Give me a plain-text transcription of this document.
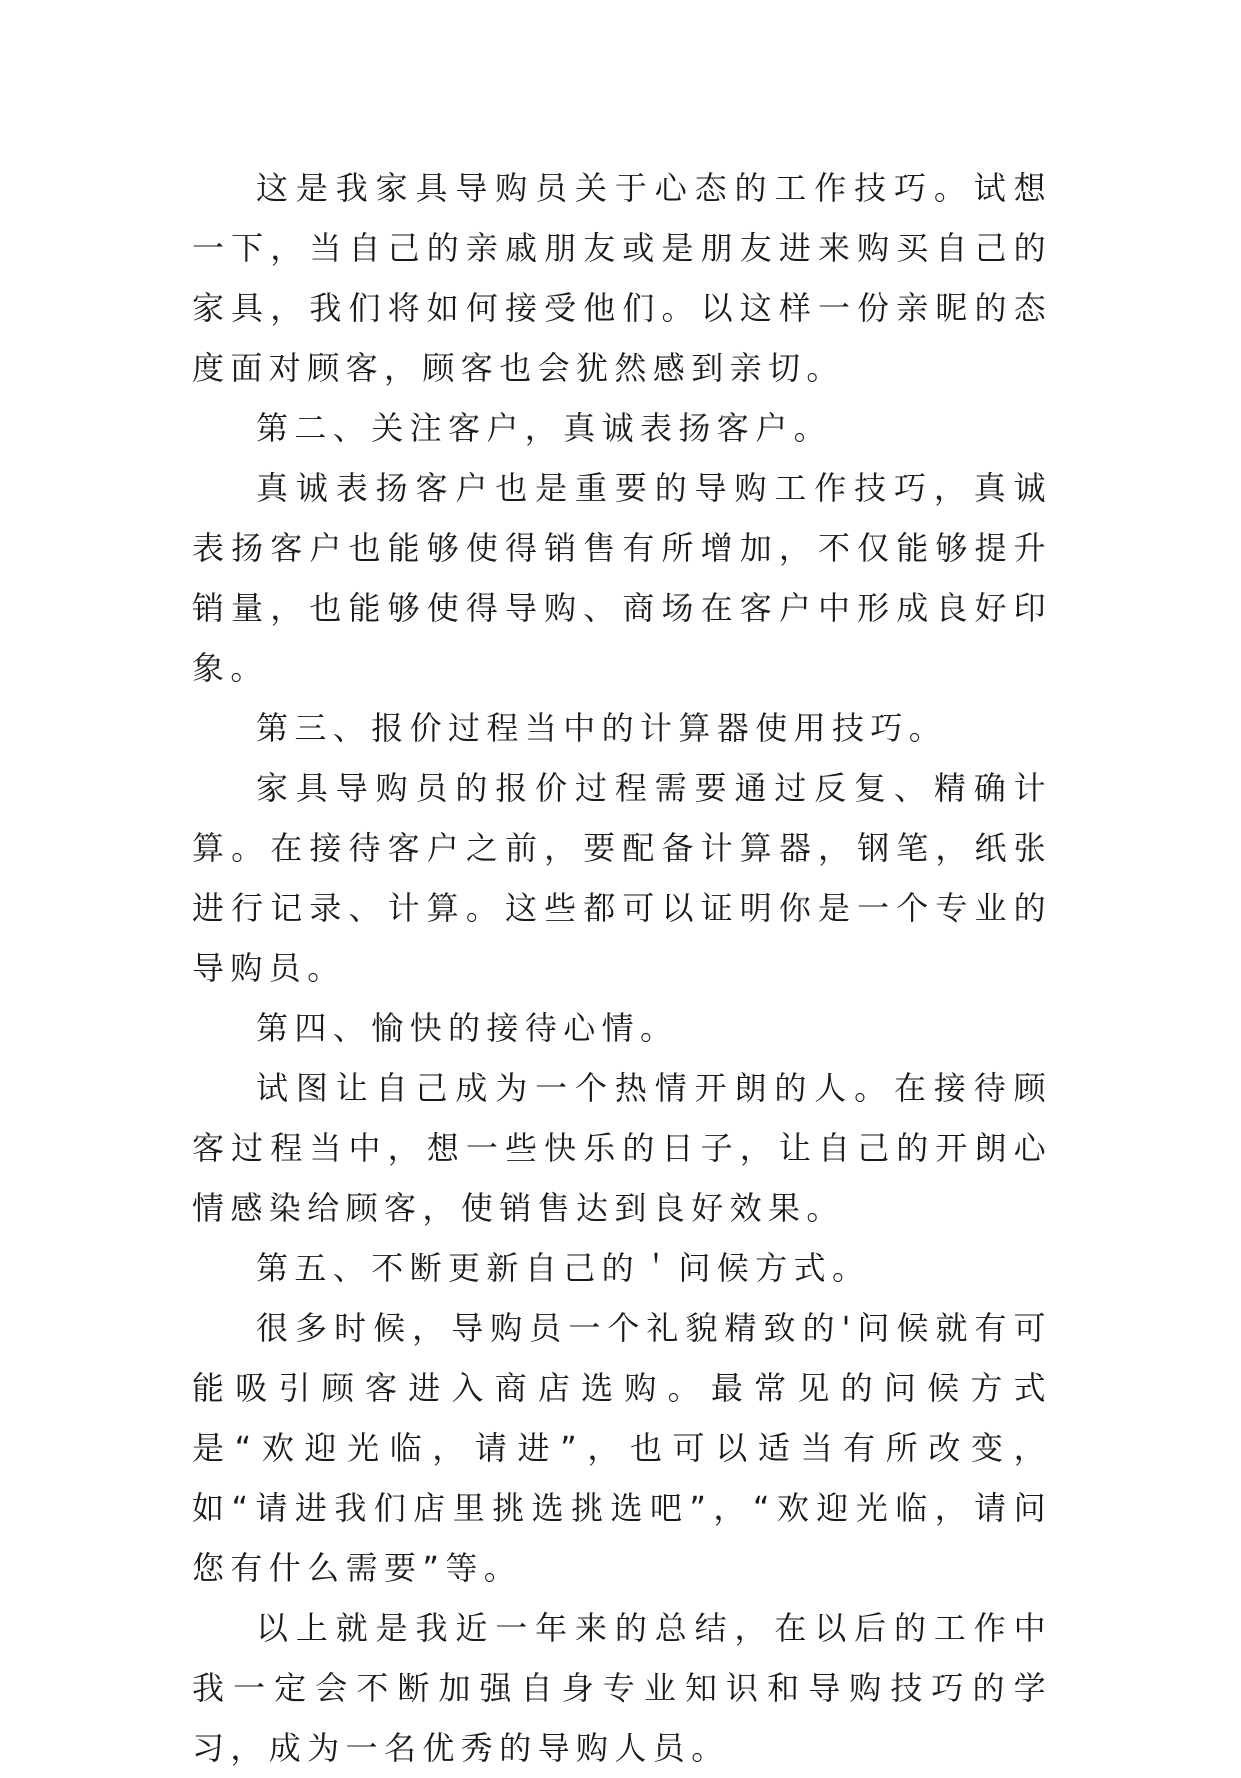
这是我家具导购员关于心态的工作技巧。试想一下，当自己的亲戚朋友或是朋友进来购买自己的家具，我们将如何接受他们。以这样一份亲昵的态度面对顾客，顾客也会犹然感到亲切。

第二、关注客户，真诚表扬客户。

真诚表扬客户也是重要的导购工作技巧，真诚表扬客户也能够使得销售有所增加，不仅能够提升销量，也能够使得导购、商场在客户中形成良好印象。

第三、报价过程当中的计算器使用技巧。

家具导购员的报价过程需要通过反复、精确计算。在接待客户之前，要配备计算器，钢笔，纸张进行记录、计算。这些都可以证明你是一个专业的导购员。

第四、愉快的接待心情。

试图让自己成为一个热情开朗的人。在接待顾客过程当中，想一些快乐的日子，让自己的开朗心情感染给顾客，使销售达到良好效果。

第五、不断更新自己的＇问候方式。

很多时候，导购员一个礼貌精致的'问候就有可能吸引顾客进入商店选购。最常见的问候方式是“欢迎光临，请进”，也可以适当有所改变，如“请进我们店里挑选挑选吧”，“欢迎光临，请问您有什么需要”等。

以上就是我近一年来的总结，在以后的工作中我一定会不断加强自身专业知识和导购技巧的学习，成为一名优秀的导购人员。
